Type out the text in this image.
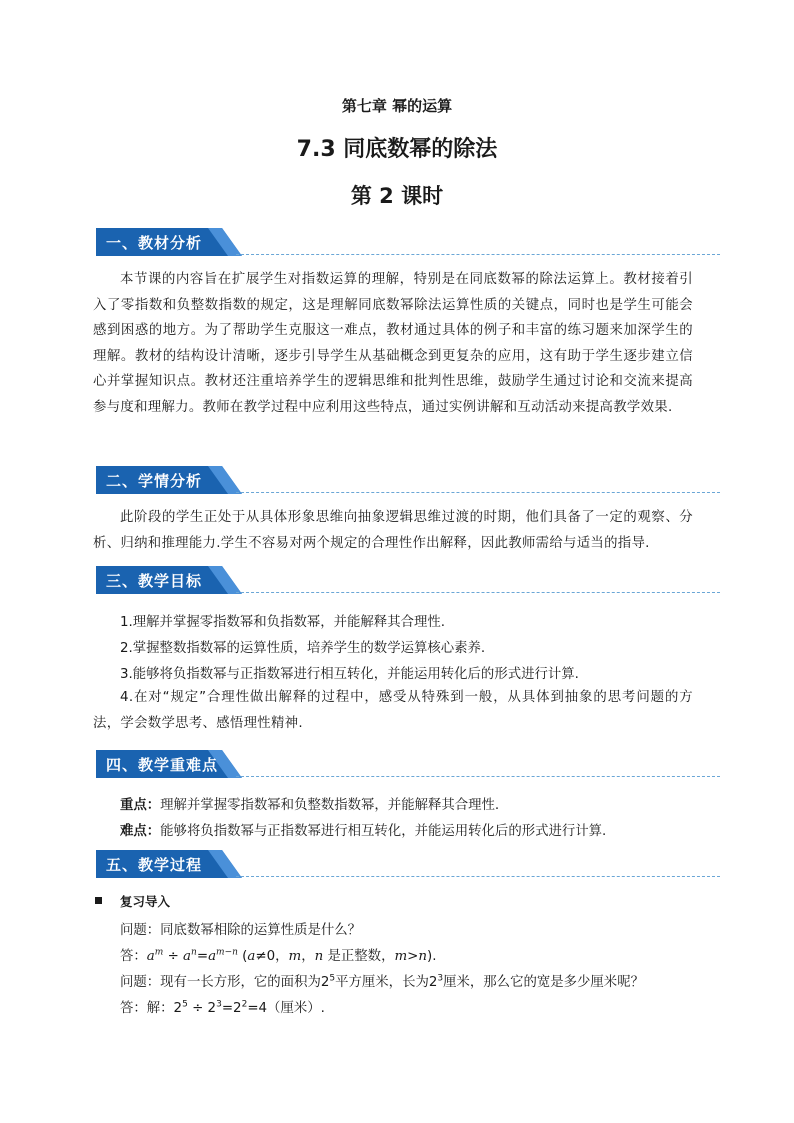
第七章 幂的运算
7.3 同底数幂的除法
第 2 课时
一、教材分析
本节课的内容旨在扩展学生对指数运算的理解，特别是在同底数幂的除法运算上。教材接着引入了零指数和负整数指数的规定，这是理解同底数幂除法运算性质的关键点，同时也是学生可能会感到困惑的地方。为了帮助学生克服这一难点，教材通过具体的例子和丰富的练习题来加深学生的理解。教材的结构设计清晰，逐步引导学生从基础概念到更复杂的应用，这有助于学生逐步建立信心并掌握知识点。教材还注重培养学生的逻辑思维和批判性思维，鼓励学生通过讨论和交流来提高参与度和理解力。教师在教学过程中应利用这些特点，通过实例讲解和互动活动来提高教学效果.
二、学情分析
此阶段的学生正处于从具体形象思维向抽象逻辑思维过渡的时期，他们具备了一定的观察、分析、归纳和推理能力.学生不容易对两个规定的合理性作出解释，因此教师需给与适当的指导.
三、教学目标
1.理解并掌握零指数幂和负指数幂，并能解释其合理性.
2.掌握整数指数幂的运算性质，培养学生的数学运算核心素养.
3.能够将负指数幂与正指数幂进行相互转化，并能运用转化后的形式进行计算.
4.在对“规定”合理性做出解释的过程中，感受从特殊到一般，从具体到抽象的思考问题的方法，学会数学思考、感悟理性精神.
四、教学重难点
重点：理解并掌握零指数幂和负整数指数幂，并能解释其合理性.
难点：能够将负指数幂与正指数幂进行相互转化，并能运用转化后的形式进行计算.
五、教学过程
复习导入
问题：同底数幂相除的运算性质是什么？
答：$a^m \div a^n=a^{m-n}$ (a≠0，m，n 是正整数，m>n).
问题：现有一长方形，它的面积为$2^5$平方厘米，长为$2^3$厘米，那么它的宽是多少厘米呢？
答：解：$2^5 \div 2^3=2^2=4$（厘米）.
